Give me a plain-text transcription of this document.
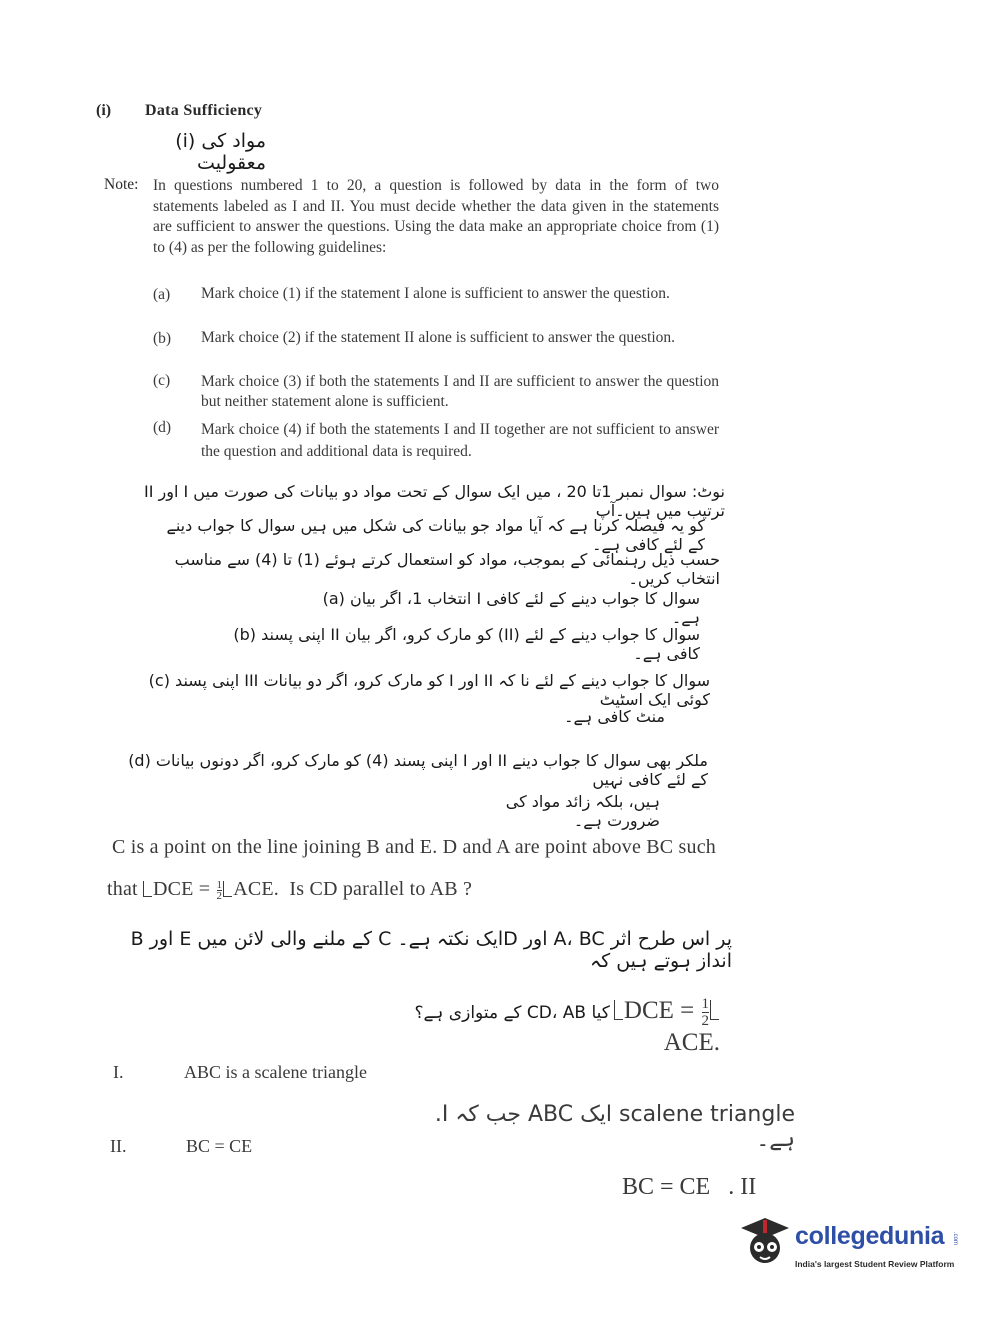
(i) Data Sufficiency
(i) مواد کی معقولیت
Note: In questions numbered 1 to 20, a question is followed by data in the form of two statements labeled as I and II. You must decide whether the data given in the statements are sufficient to answer the questions. Using the data make an appropriate choice from (1) to (4) as per the following guidelines:
(a) Mark choice (1) if the statement I alone is sufficient to answer the question.
(b) Mark choice (2) if the statement II alone is sufficient to answer the question.
(c) Mark choice (3) if both the statements I and II are sufficient to answer the question but neither statement alone is sufficient.
(d) Mark choice (4) if both the statements I and II together are not sufficient to answer the question and additional data is required.
نوٹ: سوال نمبر 1تا 20 ، میں ایک سوال کے تحت مواد دو بیانات کی صورت میں I اور II ترتیب میں ہیں۔آپ
کو یہ فیصلہ کرنا ہے کہ آیا مواد جو بیانات کی شکل میں ہیں سوال کا جواب دینے کے لئے کافی ہے۔
حسب ذیل رہنمائی کے بموجب، مواد کو استعمال کرتے ہوئے (1) تا (4) سے مناسب انتخاب کریں۔
(a) انتخاب 1، اگر بیان I سوال کا جواب دینے کے لئے کافی ہے۔
(b) اپنی پسند II کو مارک کرو، اگر بیان (II) سوال کا جواب دینے کے لئے کافی ہے۔
(c) اپنی پسند III کو مارک کرو، اگر دو بیانات I اور II سوال کا جواب دینے کے لئے نا کہ کوئی ایک اسٹیٹ
منٹ کافی ہے۔
(d) اپنی پسند (4) کو مارک کرو، اگر دونوں بیانات I اور II ملکر بھی سوال کا جواب دینے کے لئے کافی نہیں
ہیں، بلکہ زائد مواد کی ضرورت ہے۔
C is a point on the line joining B and E. D and A are point above BC such
that DCE = $\frac{1}{2}$ ACE. Is CD parallel to AB ?
B اور E کے ملنے والی لائن میں C ایک نکتہ ہے۔D اور A، BC پر اس طرح اثر انداز ہوتے ہیں کہ
کیا CD، AB کے متوازی ہے؟ DCE = $\frac{1}{2}$
ACE.
I.	ABC is a scalene triangle
.I جب کہ ABC ایک scalene triangle ہے۔
II.	BC = CE
BC = CE   . II
collegedunia .com
India's largest Student Review Platform
